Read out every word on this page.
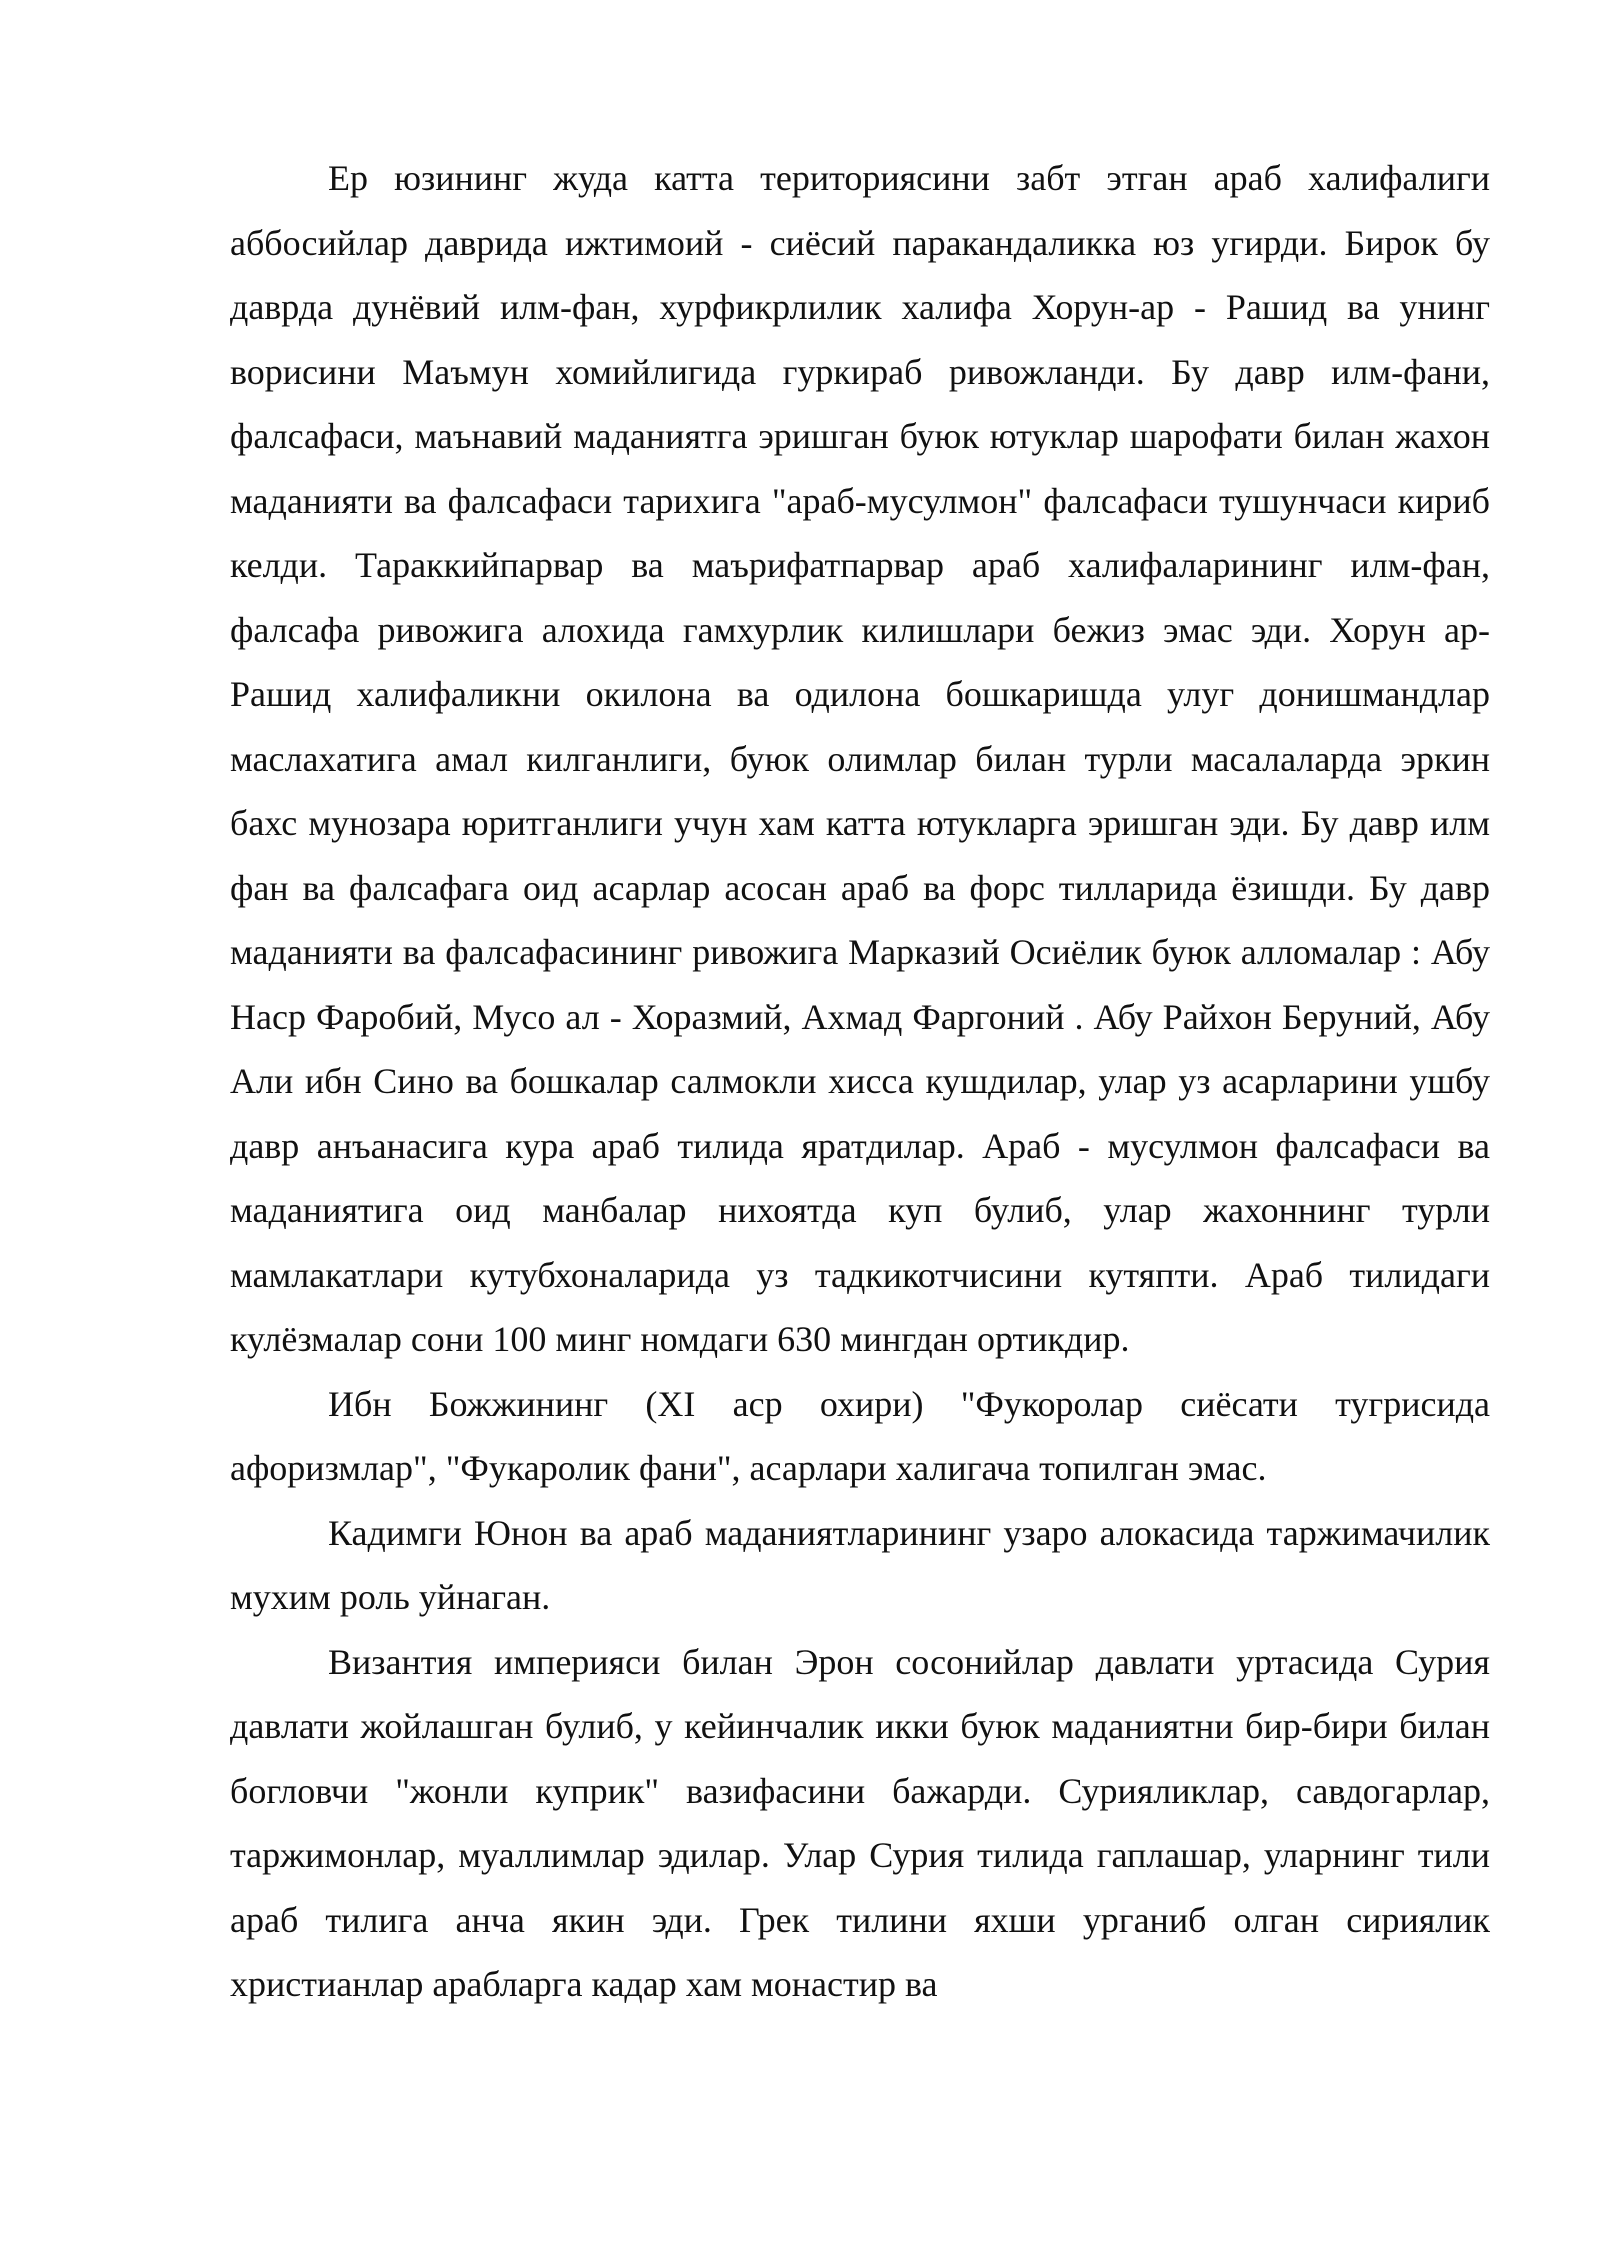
Ер юзининг жуда катта териториясини забт этган араб халифалиги аббосийлар даврида ижтимоий - сиёсий паракандаликка юз угирди. Бирок бу даврда дунёвий илм-фан, хурфикрлилик халифа Хорун-ар - Рашид ва унинг ворисини Маъмун хомийлигида гуркираб ривожланди. Бу давр илм-фани, фалсафаси, маънавий маданиятга эришган буюк ютуклар шарофати билан жахон маданияти ва фалсафаси тарихига "араб-мусулмон" фалсафаси тушунчаси кириб келди. Тараккийпарвар ва маърифатпарвар араб халифаларининг илм-фан, фалсафа ривожига алохида гамхурлик килишлари бежиз эмас эди. Хорун ар-Рашид халифаликни окилона ва одилона бошкаришда улуг донишмандлар маслахатига амал килганлиги, буюк олимлар билан турли масалаларда эркин бахс мунозара юритганлиги учун хам катта ютукларга эришган эди. Бу давр илм фан ва фалсафага оид асарлар асосан араб ва форс тилларида ёзишди. Бу давр маданияти ва фалсафасининг ривожига Марказий Осиёлик буюк алломалар : Абу Наср Фаробий, Мусо ал - Хоразмий, Ахмад Фаргоний . Абу Райхон Беруний, Абу Али ибн Сино ва бошкалар салмокли хисса кушдилар, улар уз асарларини ушбу давр анъанасига кура араб тилида яратдилар. Араб - мусулмон фалсафаси ва маданиятига оид манбалар нихоятда куп булиб, улар жахоннинг турли мамлакатлари кутубхоналарида уз тадкикотчисини кутяпти. Араб тилидаги кулёзмалар сони 100 минг номдаги 630 мингдан ортикдир.

Ибн Божжининг (XI аср охири) "Фукоролар сиёсати тугрисида афоризмлар", "Фукаролик фани", асарлари халигача топилган эмас.

Кадимги Юнон ва араб маданиятларининг узаро алокасида таржимачилик мухим роль уйнаган.

Византия империяси билан Эрон сосонийлар давлати уртасида Сурия давлати жойлашган булиб, у кейинчалик икки буюк маданиятни бир-бири билан богловчи "жонли куприк" вазифасини бажарди. Сурияликлар, савдогарлар, таржимонлар, муаллимлар эдилар. Улар Сурия тилида гаплашар, уларнинг тили араб тилига анча якин эди. Грек тилини яхши урганиб олган сириялик христианлар арабларга кадар хам монастир ва
